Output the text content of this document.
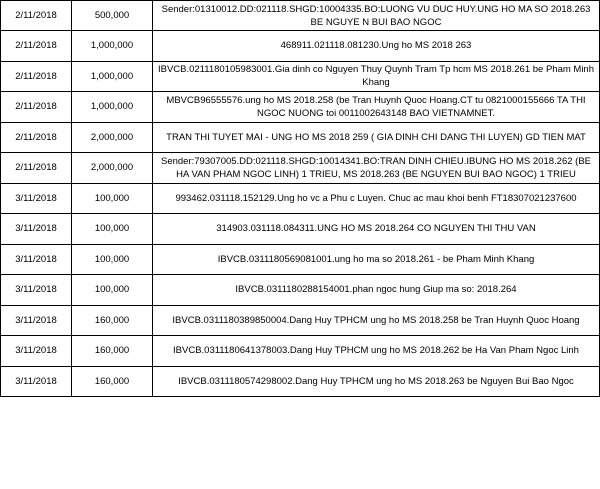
2/11/2018	500,000	Sender:01310012.DD:021118.SHGD:10004335.BO:LUONG VU DUC HUY.UNG HO MA SO 2018.263 BE NGUYE N BUI BAO NGOC
2/11/2018	1,000,000	468911.021118.081230.Ung ho MS 2018 263
2/11/2018	1,000,000	IBVCB.0211180105983001.Gia dinh co Nguyen Thuy Quynh Tram Tp hcm MS 2018.261 be Pham Minh Khang
2/11/2018	1,000,000	MBVCB96555576.ung ho MS 2018.258 (be Tran Huynh Quoc Hoang.CT tu 0821000155666 TA THI NGOC NUONG toi 0011002643148 BAO VIETNAMNET.
2/11/2018	2,000,000	TRAN THI TUYET MAI - UNG HO MS 2018 259 ( GIA DINH CHI DANG THI LUYEN) GD TIEN MAT
2/11/2018	2,000,000	Sender:79307005.DD:021118.SHGD:10014341.BO:TRAN DINH CHIEU.IBUNG HO MS 2018.262 (BE HA VAN PHAM NGOC LINH) 1 TRIEU, MS 2018.263 (BE NGUYEN BUI BAO NGOC) 1 TRIEU
3/11/2018	100,000	993462.031118.152129.Ung ho vc a Phu c Luyen. Chuc ac mau khoi benh FT18307021237600
3/11/2018	100,000	314903.031118.084311.UNG HO MS 2018.264 CO NGUYEN THI THU VAN
3/11/2018	100,000	IBVCB.0311180569081001.ung ho ma so 2018.261 - be Pham Minh Khang
3/11/2018	100,000	IBVCB.0311180288154001.phan ngoc hung Giup ma so: 2018.264
3/11/2018	160,000	IBVCB.0311180389850004.Dang Huy TPHCM ung ho MS 2018.258 be Tran Huynh Quoc Hoang
3/11/2018	160,000	IBVCB.0311180641378003.Dang Huy TPHCM ung ho MS 2018.262 be Ha Van Pham Ngoc Linh
3/11/2018	160,000	IBVCB.0311180574298002.Dang Huy TPHCM ung ho MS 2018.263 be Nguyen Bui Bao Ngoc
